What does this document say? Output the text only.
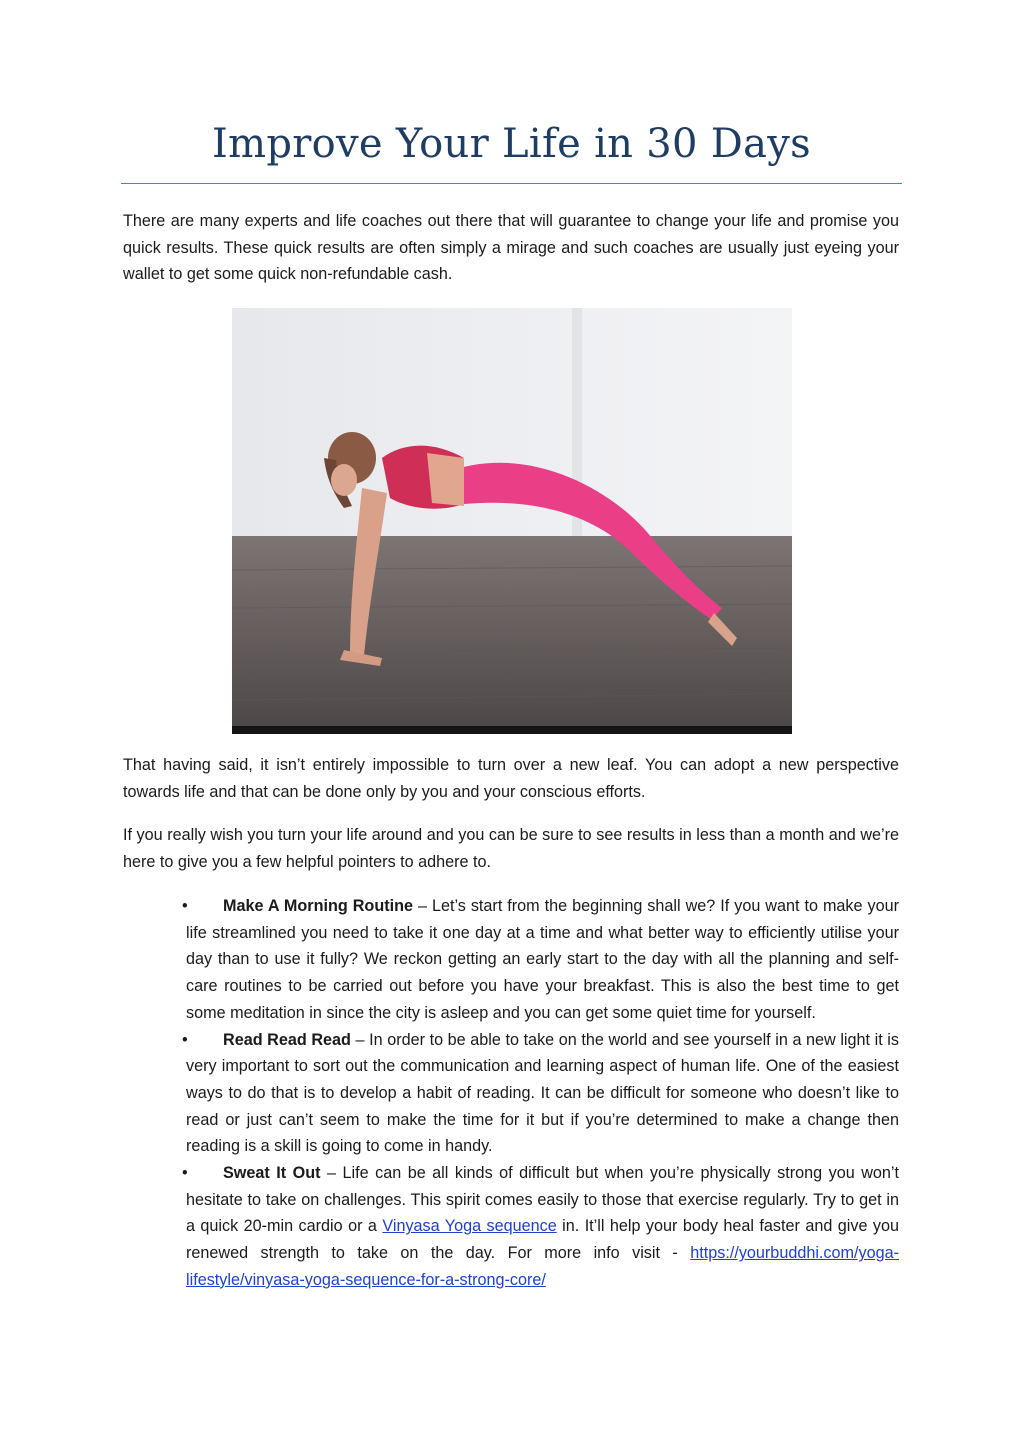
Improve Your Life in 30 Days

There are many experts and life coaches out there that will guarantee to change your life and promise you quick results. These quick results are often simply a mirage and such coaches are usually just eyeing your wallet to get some quick non-refundable cash.

That having said, it isn’t entirely impossible to turn over a new leaf. You can adopt a new perspective towards life and that can be done only by you and your conscious efforts.

If you really wish you turn your life around and you can be sure to see results in less than a month and we’re here to give you a few helpful pointers to adhere to.

• Make A Morning Routine – Let’s start from the beginning shall we? If you want to make your life streamlined you need to take it one day at a time and what better way to efficiently utilise your day than to use it fully? We reckon getting an early start to the day with all the planning and self-care routines to be carried out before you have your breakfast. This is also the best time to get some meditation in since the city is asleep and you can get some quiet time for yourself.
• Read Read Read – In order to be able to take on the world and see yourself in a new light it is very important to sort out the communication and learning aspect of human life. One of the easiest ways to do that is to develop a habit of reading. It can be difficult for someone who doesn’t like to read or just can’t seem to make the time for it but if you’re determined to make a change then reading is a skill is going to come in handy.
• Sweat It Out – Life can be all kinds of difficult but when you’re physically strong you won’t hesitate to take on challenges. This spirit comes easily to those that exercise regularly. Try to get in a quick 20-min cardio or a Vinyasa Yoga sequence in. It’ll help your body heal faster and give you renewed strength to take on the day. For more info visit - https://yourbuddhi.com/yoga-lifestyle/vinyasa-yoga-sequence-for-a-strong-core/
